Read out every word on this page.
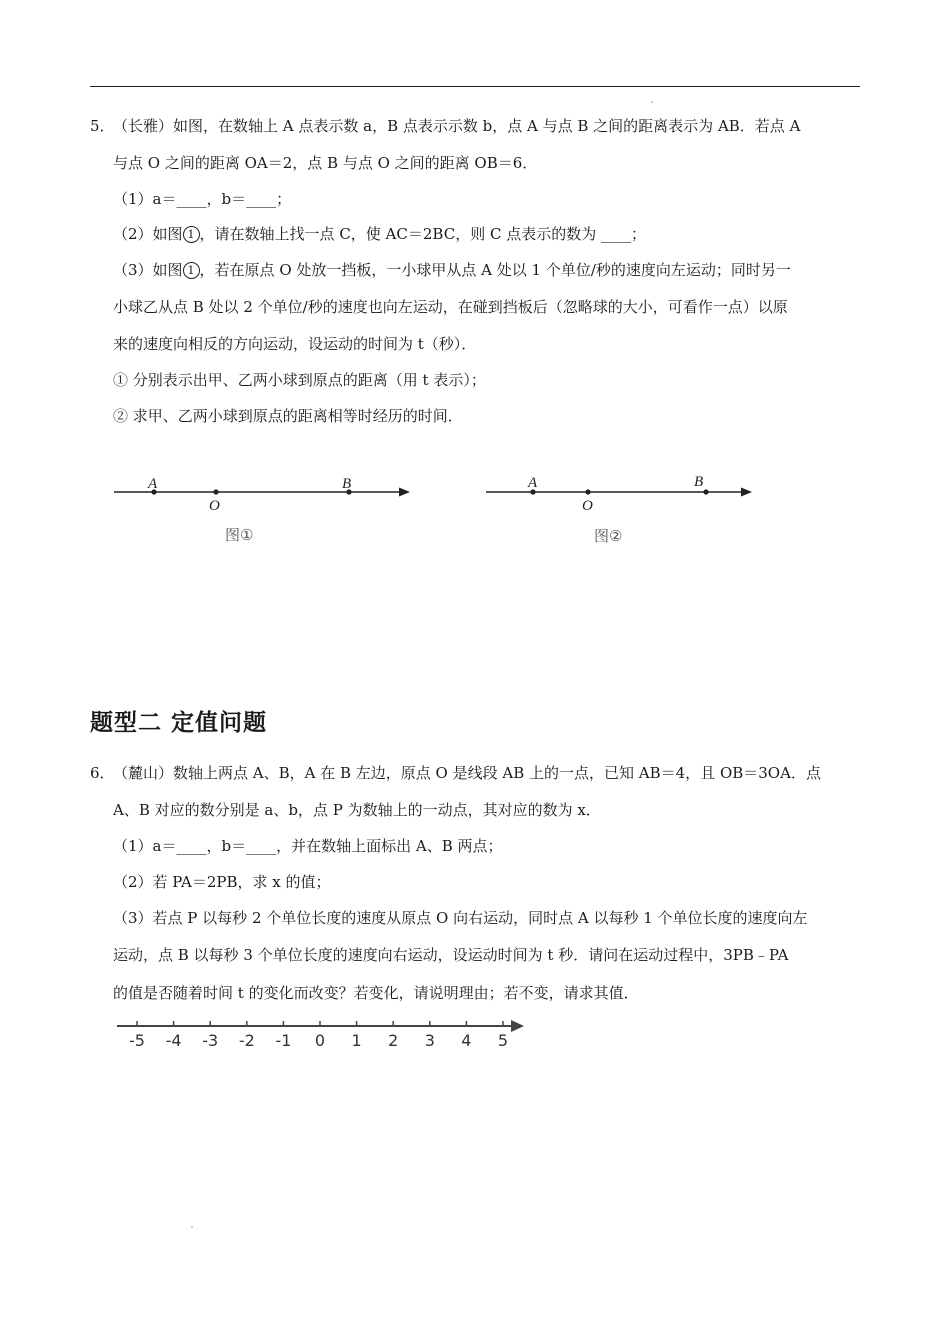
5．
（长雅）如图，在数轴上 A 点表示数 a，B 点表示示数 b，点 A 与点 B 之间的距离表示为 AB．若点 A
与点 O 之间的距离 OA＝2，点 B 与点 O 之间的距离 OB＝6．
（1）a＝____，b＝____；
（2）如图 1 ，请在数轴上找一点 C，使 AC＝2BC，则 C 点表示的数为 ____；
（3）如图 1 ，若在原点 O 处放一挡板，一小球甲从点 A 处以 1 个单位/秒的速度向左运动；同时另一
小球乙从点 B 处以 2 个单位/秒的速度也向左运动，在碰到挡板后（忽略球的大小，可看作一点）以原
来的速度向相反的方向运动，设运动的时间为 t（秒）．
① 分别表示出甲、乙两小球到原点的距离（用 t 表示）；
② 求甲、乙两小球到原点的距离相等时经历的时间．
A
O
B
图①
A
O
B
图②
-5 -4 -3 -2 -1 0 1 2 3 4 5
题型二 定值问题
6．
（麓山）数轴上两点 A、B，A 在 B 左边，原点 O 是线段 AB 上的一点，已知 AB＝4，且 OB＝3OA．点
A、B 对应的数分别是 a、b，点 P 为数轴上的一动点，其对应的数为 x．
（1）a＝____，b＝____，并在数轴上面标出 A、B 两点；
（2）若 PA＝2PB，求 x 的值；
（3）若点 P 以每秒 2 个单位长度的速度从原点 O 向右运动，同时点 A 以每秒 1 个单位长度的速度向左
运动，点 B 以每秒 3 个单位长度的速度向右运动，设运动时间为 t 秒．请问在运动过程中，3PB﹣PA
的值是否随着时间 t 的变化而改变？若变化，请说明理由；若不变，请求其值．
